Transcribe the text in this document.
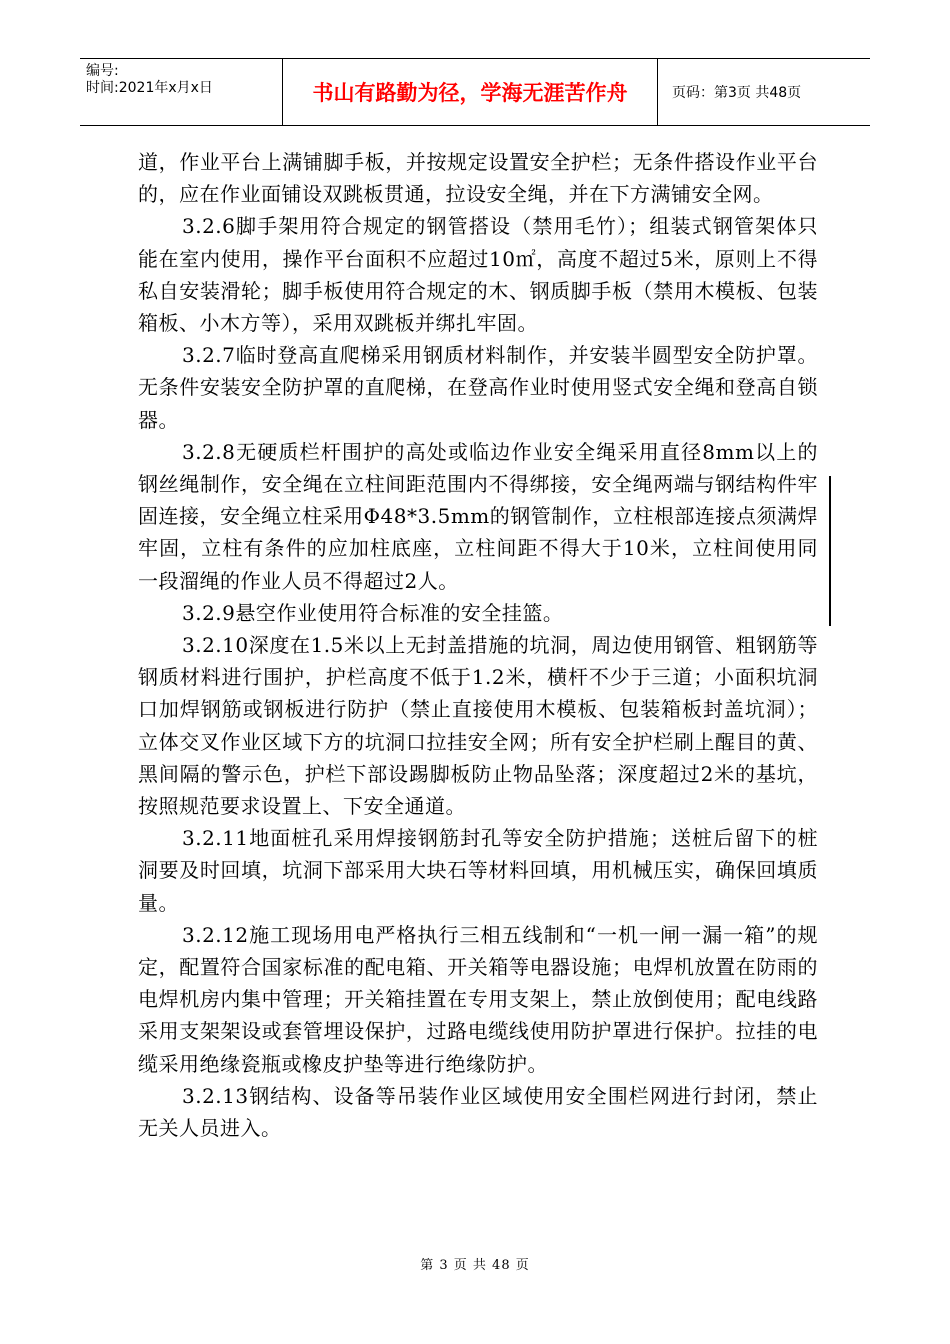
编号:
时间:2021年x月x日	书山有路勤为径，学海无涯苦作舟	页码：第3页 共48页

道，作业平台上满铺脚手板，并按规定设置安全护栏；无条件搭设作业平台的，应在作业面铺设双跳板贯通，拉设安全绳，并在下方满铺安全网。

3.2.6脚手架用符合规定的钢管搭设（禁用毛竹）；组装式钢管架体只能在室内使用，操作平台面积不应超过10㎡，高度不超过5米，原则上不得私自安装滑轮；脚手板使用符合规定的木、钢质脚手板（禁用木模板、包装箱板、小木方等），采用双跳板并绑扎牢固。

3.2.7临时登高直爬梯采用钢质材料制作，并安装半圆型安全防护罩。无条件安装安全防护罩的直爬梯，在登高作业时使用竖式安全绳和登高自锁器。

3.2.8无硬质栏杆围护的高处或临边作业安全绳采用直径8mm以上的钢丝绳制作，安全绳在立柱间距范围内不得绑接，安全绳两端与钢结构件牢固连接，安全绳立柱采用Φ48*3.5mm的钢管制作，立柱根部连接点须满焊牢固，立柱有条件的应加柱底座，立柱间距不得大于10米，立柱间使用同一段溜绳的作业人员不得超过2人。

3.2.9悬空作业使用符合标准的安全挂篮。

3.2.10深度在1.5米以上无封盖措施的坑洞，周边使用钢管、粗钢筋等钢质材料进行围护，护栏高度不低于1.2米，横杆不少于三道；小面积坑洞口加焊钢筋或钢板进行防护（禁止直接使用木模板、包装箱板封盖坑洞）；立体交叉作业区域下方的坑洞口拉挂安全网；所有安全护栏刷上醒目的黄、黑间隔的警示色，护栏下部设踢脚板防止物品坠落；深度超过2米的基坑，按照规范要求设置上、下安全通道。

3.2.11地面桩孔采用焊接钢筋封孔等安全防护措施；送桩后留下的桩洞要及时回填，坑洞下部采用大块石等材料回填，用机械压实，确保回填质量。

3.2.12施工现场用电严格执行三相五线制和“一机一闸一漏一箱”的规定，配置符合国家标准的配电箱、开关箱等电器设施；电焊机放置在防雨的电焊机房内集中管理；开关箱挂置在专用支架上，禁止放倒使用；配电线路采用支架架设或套管埋设保护，过路电缆线使用防护罩进行保护。拉挂的电缆采用绝缘瓷瓶或橡皮护垫等进行绝缘防护。

3.2.13钢结构、设备等吊装作业区域使用安全围栏网进行封闭，禁止无关人员进入。

第 3 页 共 48 页
